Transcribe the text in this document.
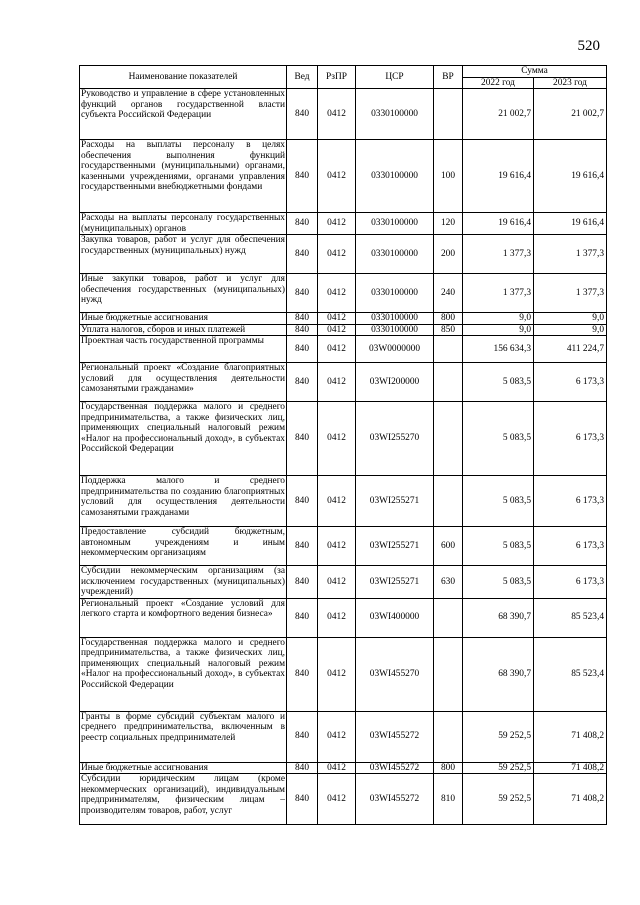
520
Наименование показателей	Вед	РзПР	ЦСР	ВР	Сумма	
					2022 год	2023 год
Руководство и управление в сфере установленных функций органов государственной власти субъекта Российской Федерации	840	0412	0330100000		21 002,7	21 002,7
Расходы на выплаты персоналу в целях обеспечения выполнения функций государственными (муниципальными) органами, казенными учреждениями, органами управления государственными внебюджетными фондами	840	0412	0330100000	100	19 616,4	19 616,4
Расходы на выплаты персоналу государственных (муниципальных) органов	840	0412	0330100000	120	19 616,4	19 616,4
Закупка товаров, работ и услуг для обеспечения государственных (муниципальных) нужд	840	0412	0330100000	200	1 377,3	1 377,3
Иные закупки товаров, работ и услуг для обеспечения государственных (муниципальных) нужд	840	0412	0330100000	240	1 377,3	1 377,3
Иные бюджетные ассигнования	840	0412	0330100000	800	9,0	9,0
Уплата налогов, сборов и иных платежей	840	0412	0330100000	850	9,0	9,0
Проектная часть государственной программы	840	0412	03W0000000		156 634,3	411 224,7
Региональный проект «Создание благоприятных условий для осуществления деятельности самозанятыми гражданами»	840	0412	03WI200000		5 083,5	6 173,3
Государственная поддержка малого и среднего предпринимательства, а также физических лиц, применяющих специальный налоговый режим «Налог на профессиональный доход», в субъектах Российской Федерации	840	0412	03WI255270		5 083,5	6 173,3
Поддержка малого и среднего предпринимательства по созданию благоприятных условий для осуществления деятельности самозанятыми гражданами	840	0412	03WI255271		5 083,5	6 173,3
Предоставление субсидий бюджетным, автономным учреждениям и иным некоммерческим организациям	840	0412	03WI255271	600	5 083,5	6 173,3
Субсидии некоммерческим организациям (за исключением государственных (муниципальных) учреждений)	840	0412	03WI255271	630	5 083,5	6 173,3
Региональный проект «Создание условий для легкого старта и комфортного ведения бизнеса»	840	0412	03WI400000		68 390,7	85 523,4
Государственная поддержка малого и среднего предпринимательства, а также физических лиц, применяющих специальный налоговый режим «Налог на профессиональный доход», в субъектах Российской Федерации	840	0412	03WI455270		68 390,7	85 523,4
Гранты в форме субсидий субъектам малого и среднего предпринимательства, включенным в реестр социальных предпринимателей	840	0412	03WI455272		59 252,5	71 408,2
Иные бюджетные ассигнования	840	0412	03WI455272	800	59 252,5	71 408,2
Субсидии юридическим лицам (кроме некоммерческих организаций), индивидуальным предпринимателям, физическим лицам – производителям товаров, работ, услуг	840	0412	03WI455272	810	59 252,5	71 408,2
